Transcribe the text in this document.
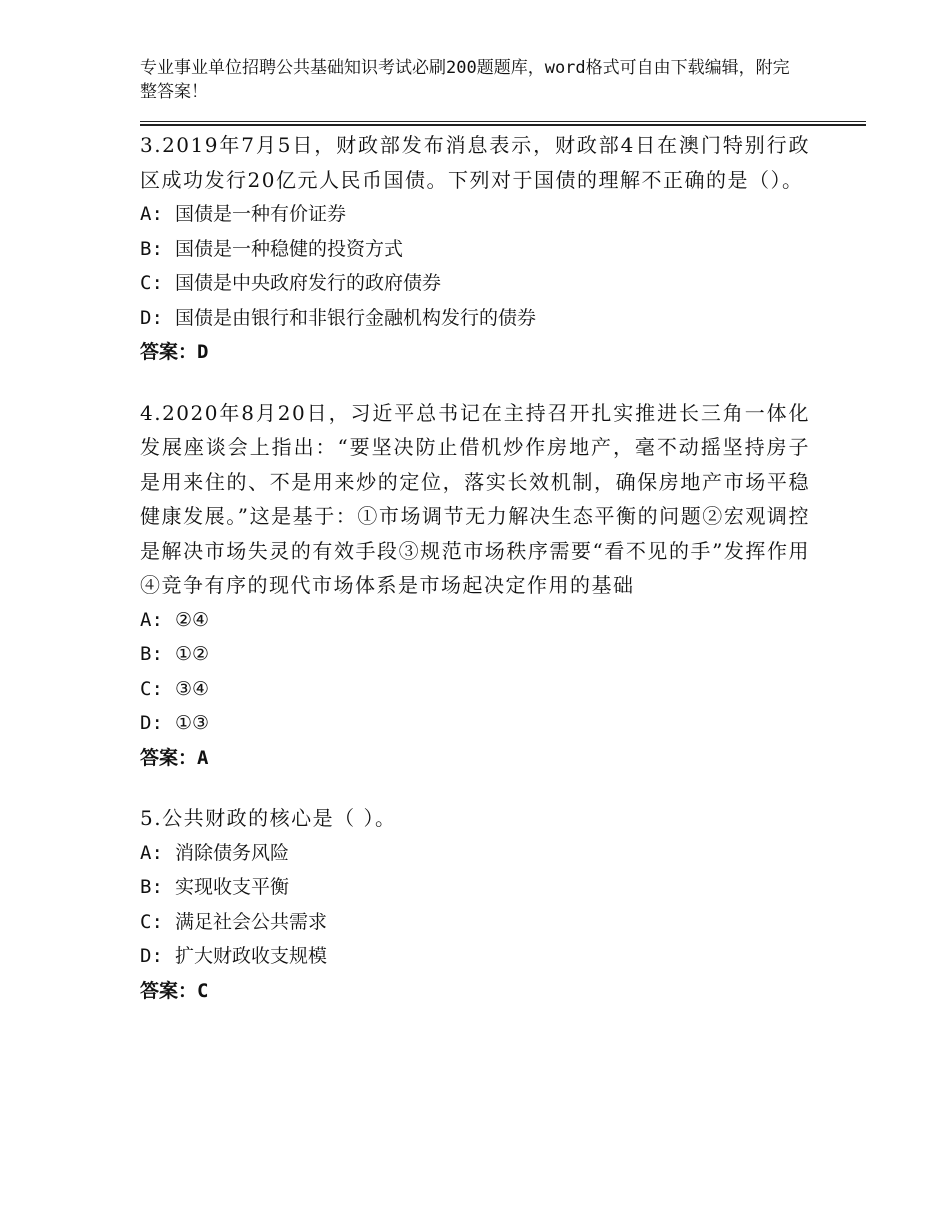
专业事业单位招聘公共基础知识考试必刷200题题库，word格式可自由下载编辑，附完整答案！
3.2019年7月5日，财政部发布消息表示，财政部4日在澳门特别行政区成功发行20亿元人民币国债。下列对于国债的理解不正确的是（）。
A: 国债是一种有价证券
B: 国债是一种稳健的投资方式
C: 国债是中央政府发行的政府债券
D: 国债是由银行和非银行金融机构发行的债券
答案：D
4.2020年8月20日，习近平总书记在主持召开扎实推进长三角一体化发展座谈会上指出：“要坚决防止借机炒作房地产，毫不动摇坚持房子是用来住的、不是用来炒的定位，落实长效机制，确保房地产市场平稳健康发展。”这是基于：①市场调节无力解决生态平衡的问题②宏观调控是解决市场失灵的有效手段③规范市场秩序需要“看不见的手”发挥作用④竞争有序的现代市场体系是市场起决定作用的基础
A: ②④
B: ①②
C: ③④
D: ①③
答案：A
5.公共财政的核心是（ ）。
A: 消除债务风险
B: 实现收支平衡
C: 满足社会公共需求
D: 扩大财政收支规模
答案：C
